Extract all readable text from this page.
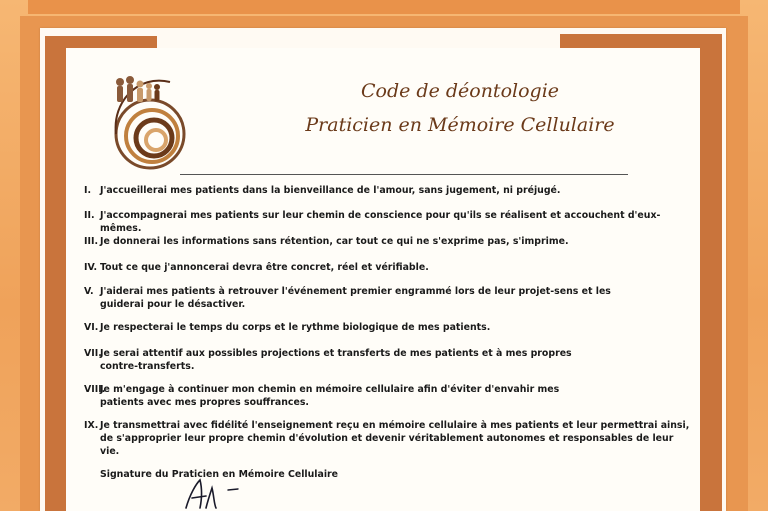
Code de déontologie
Praticien en Mémoire Cellulaire
I. J'accueillerai mes patients dans la bienveillance de l'amour, sans jugement, ni préjugé.
II. J'accompagnerai mes patients sur leur chemin de conscience pour qu'ils se réalisent et accouchent d'eux-mêmes.
III. Je donnerai les informations sans rétention, car tout ce qui ne s'exprime pas, s'imprime.
IV. Tout ce que j'annoncerai devra être concret, réel et vérifiable.
V. J'aiderai mes patients à retrouver l'événement premier engrammé lors de leur projet-sens et les
guiderai pour le désactiver.
VI. Je respecterai le temps du corps et le rythme biologique de mes patients.
VII.
Je serai attentif aux possibles projections et transferts de mes patients et à mes propres
contre-transferts.
VIII.
Je m'engage à continuer mon chemin en mémoire cellulaire afin d'éviter d'envahir mes
patients avec mes propres souffrances.
IX. Je transmettrai avec fidélité l'enseignement reçu en mémoire cellulaire à mes patients et leur permettrai ainsi,
de s'approprier leur propre chemin d'évolution et devenir véritablement autonomes et responsables de leur vie.
Signature du Praticien en Mémoire Cellulaire
